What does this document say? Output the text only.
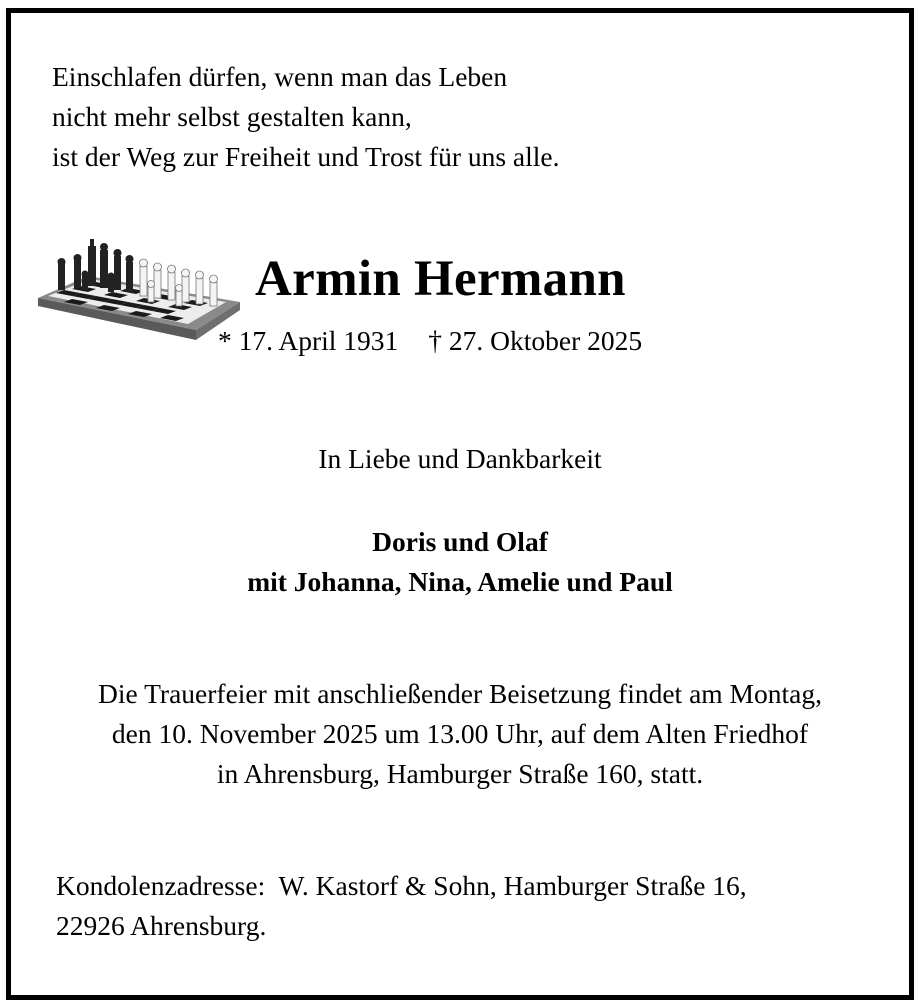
Einschlafen dürfen, wenn man das Leben
nicht mehr selbst gestalten kann,
ist der Weg zur Freiheit und Trost für uns alle.
Armin Hermann
* 17. April 1931 † 27. Oktober 2025
In Liebe und Dankbarkeit
Doris und Olaf
mit Johanna, Nina, Amelie und Paul
Die Trauerfeier mit anschließender Beisetzung findet am Montag,
den 10. November 2025 um 13.00 Uhr, auf dem Alten Friedhof
in Ahrensburg, Hamburger Straße 160, statt.
Kondolenzadresse:  W. Kastorf & Sohn, Hamburger Straße 16,
22926 Ahrensburg.
